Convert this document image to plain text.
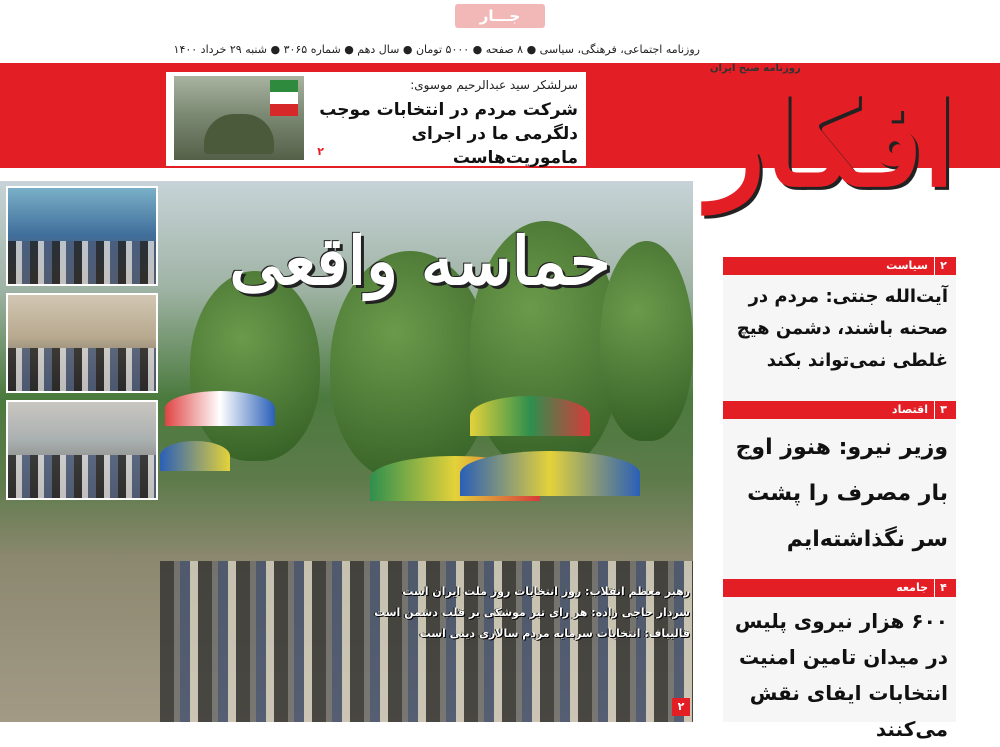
جـــار
روزنامه اجتماعی، فرهنگی، سیاسی ● ۸ صفحه ● ۵۰۰۰ تومان ● سال دهم ● شماره ۳۰۶۵ ● شنبه ۲۹ خرداد ۱۴۰۰
سرلشکر سید عبدالرحیم موسوی:
شرکت مردم در انتخابات موجب دلگرمی ما در اجرای ماموریت‌هاست
۲
روزنامه صبح ایران
افکار
حماسه واقعی
رهبر معظم انقلاب: روز انتخابات روز ملت ایران است
سردار حاجی زاده: هر رای تیر موشکی بر قلب دشمن است
قالیباف: انتخابات سرمایه مردم سالاری دینی است
۲
۲
سیاست
آیت‌الله جنتی: مردم در صحنه باشند، دشمن هیچ غلطی نمی‌تواند بکند
۳
اقتصاد
وزیر نیرو: هنوز اوج بار مصرف را پشت سر نگذاشته‌ایم
۴
جامعه
۶۰۰ هزار نیروی پلیس در میدان تامین امنیت انتخابات ایفای نقش می‌کنند
